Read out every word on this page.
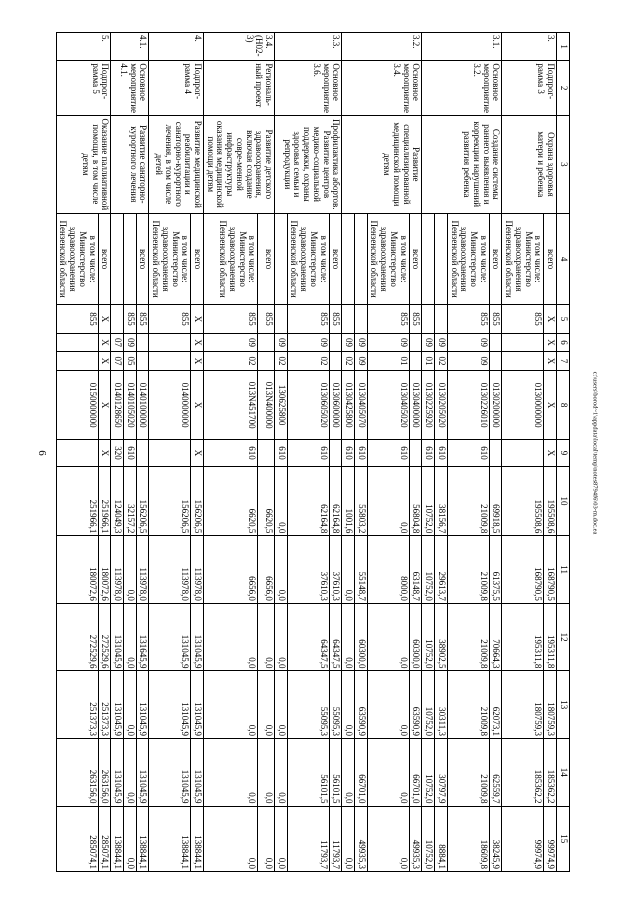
6	c:\users\borod~1\appdata\local\temp\notes8794f6\03-m.doc.ea
1	2	3	4	5	6	7	8	9	10	11	12	13	14	15
3.	Подпрог-рамма 3	Охрана здоровья матери и ребенка	всего	X	X	X	X	X	195508,6	168790,5	195311,8	180759,3	185362,2	99974,9
			в том числе: Министерство здравоохранения Пензенской области	855			0130000000		195508,6	168790,5	195311,8	180759,3	185362,2	99974,9
3.1.	Основное мероприятие 3.2.	Создание системы раннего выявления и коррекции нарушений развития ребенка	всего	855			0130200000		69918,5	61375,5	70664,3	62073,1	62559,7	38245,9
			в том числе: Министерство здравоохранения Пензенской области	855	09	09	0130226010	610	21009,8	21009,8	21009,8	21009,8	21009,8	18609,8
					09	02	0130205020	610	38156,7	29613,7	38902,5	30311,3	30797,9	8884,1
					09	01	0130225920	610	10752,0	10752,0	10752,0	10752,0	10752,0	10752,0
3.2.	Основное мероприятие 3.4.	Развитие специализированной медицинской помощи детям	всего	855			0130400000		56804,8	63148,7	60300,0	63590,9	66701,0	49935,3
			в том числе: Министерство здравоохранения Пензенской области	855	09	01	0130405020	610	0,0	8000,0	0,0	0,0	0,0	0,0
					09	09	0130405070	610	55803,2	55148,7	60300,0	63590,9	66701,0	49935,3
					09	02	0130425800	610	1001,6	0,0	0,0	0,0	0,0	0,0
3.3.	Основное мероприятие 3.6.	Профилактика абортов. Развитие центров медико-социальной поддержки, охраны здоровья семьи и репродукции	всего	855			0130600000		62164,8	37610,3	64347,5	55095,3	56101,5	11793,7
			в том числе: Министерство здравоохранения Пензенской области	855	09	02	0130605020	610	62164,8	37610,3	64347,5	55095,3	56101,5	11793,7
					09	02	130625800	610	0,0	0,0	0,0	0,0	0,0	0,0
3.4. (Н02-3)	Региональ-ный проект	Развитие детского здравоохранения, включая создание совре-менной инфраструктуры оказания медицинской помощи детям	всего	855			013N400000		6620,5	6656,0	0,0	0,0	0,0	0,0
			в том числе: Министерство здравоохранения Пензенской области	855	09	02	013N451700	610	6620,5	6656,0	0,0	0,0	0,0	0,0
4.	Подпрог-рамма 4	Развитие медицинской реабилитации и санаторно-курортного лечения, в том числе детей	всего	X	X	X	X	X	156206,5	113978,0	131045,9	131045,9	131045,9	138844,1
			в том числе: Министерство здравоохранения Пензенской области	855			0140000000		156206,5	113978,0	131045,9	131045,9	131045,9	138844,1
4.1.	Основное мероприятие 4.1.	Развитие санаторно-курортного лечения	всего	855			0140100000		156206,5	113978,0	131645,9	131045,9	131045,9	138844,1
				855	09	05	0140105020	610	32157,2	0,0	0,0	0,0	0,0	0,0
					07	07	0140128650	320	124049,3	113978,0	131045,9	131045,9	131045,9	138844,1
5.	Подпрог-рамма 5	Оказание паллиативной помощи, в том числе детям	всего	X	X	X	X	X	251966,1	180072,6	272529,6	251373,3	263156,0	285074,1
			в том числе: Министерство здравоохранения Пензенской области	855			0150000000		251966,1	180072,6	272529,6	251373,3	263156,0	285074,1
